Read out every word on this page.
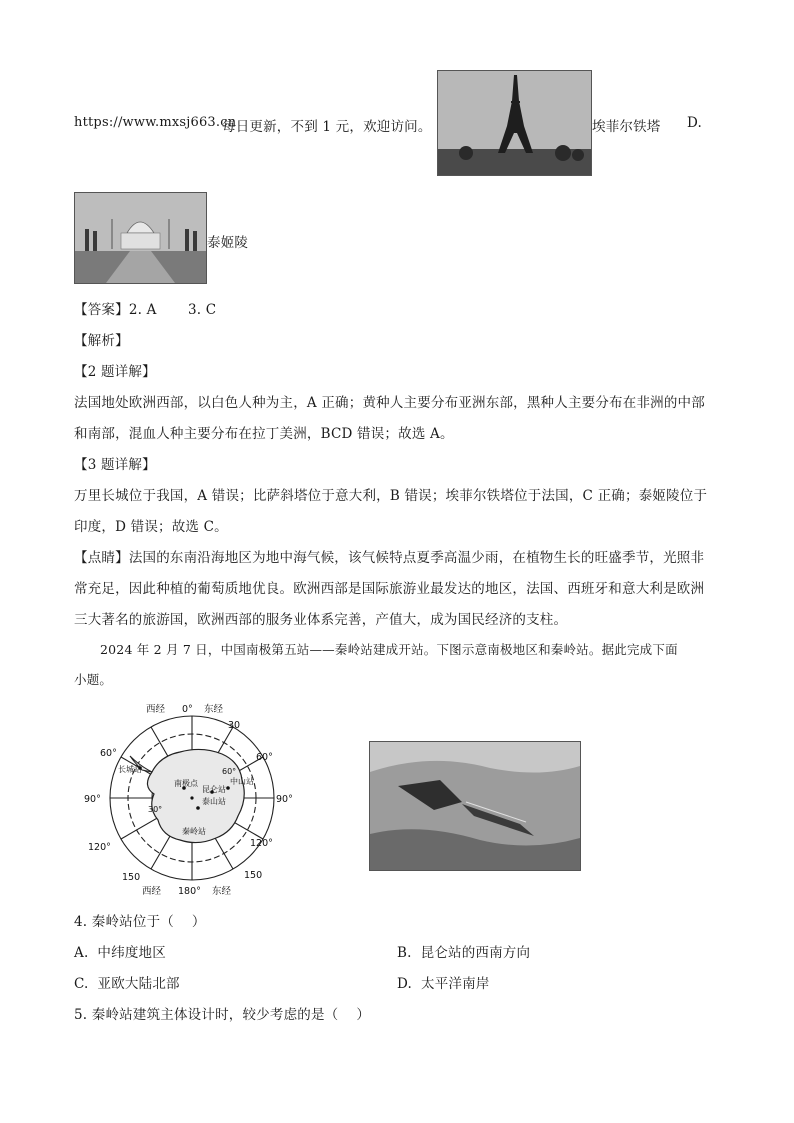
https://www.mxsj663.cn
每日更新，不到 1 元，欢迎访问。	埃菲尔铁塔 D.
泰姬陵
【答案】2. A       3. C
【解析】
【2 题详解】
法国地处欧洲西部，以白色人种为主，A 正确；黄种人主要分布亚洲东部，黑种人主要分布在非洲的中部
和南部，混血人种主要分布在拉丁美洲，BCD 错误；故选 A。
【3 题详解】
万里长城位于我国，A 错误；比萨斜塔位于意大利，B 错误；埃菲尔铁塔位于法国，C 正确；泰姬陵位于
印度，D 错误；故选 C。
【点睛】法国的东南沿海地区为地中海气候，该气候特点夏季高温少雨，在植物生长的旺盛季节，光照非
常充足，因此种植的葡萄质地优良。欧洲西部是国际旅游业最发达的地区，法国、西班牙和意大利是欧洲
三大著名的旅游国，欧洲西部的服务业体系完善，产值大，成为国民经济的支柱。
2024 年 2 月 7 日，中国南极第五站——秦岭站建成开站。下图示意南极地区和秦岭站。据此完成下面
小题。
西经 0° 东经
30
60°	60°
90°	90°
120°	120°
150	150
西经 180° 东经
60°
30°
长城站
中山站
昆仑站
泰山站
秦岭站
南极点
4. 秦岭站位于（    ）
A.  中纬度地区	B.  昆仑站的西南方向
C.  亚欧大陆北部	D.  太平洋南岸
5. 秦岭站建筑主体设计时，较少考虑的是（    ）
